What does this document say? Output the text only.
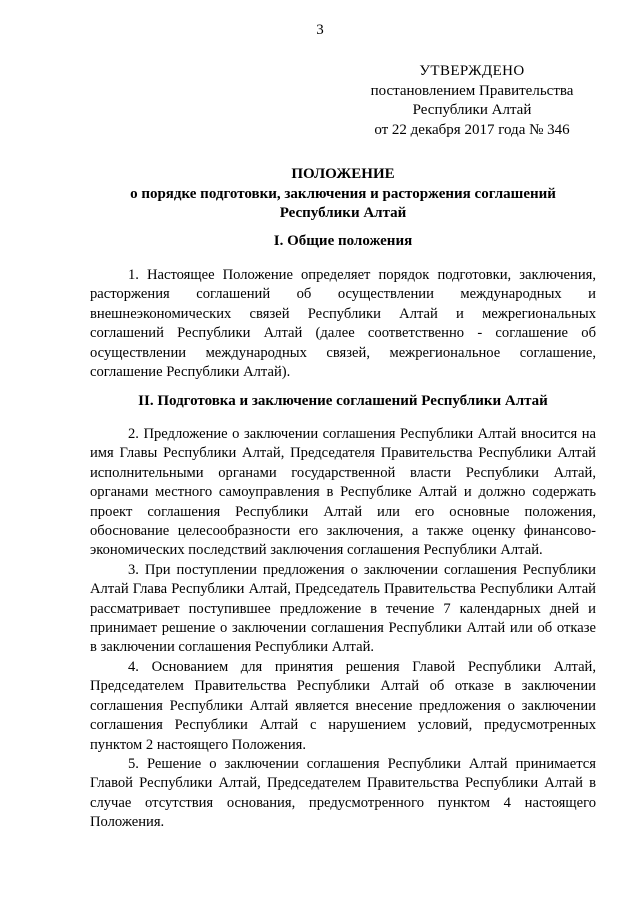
3
УТВЕРЖДЕНО
постановлением Правительства
Республики Алтай
от 22 декабря 2017 года № 346
ПОЛОЖЕНИЕ
о порядке подготовки, заключения и расторжения соглашений
Республики Алтай
I. Общие положения

1. Настоящее Положение определяет порядок подготовки, заключения, расторжения соглашений об осуществлении международных и внешнеэкономических связей Республики Алтай и межрегиональных соглашений Республики Алтай (далее соответственно - соглашение об осуществлении международных связей, межрегиональное соглашение, соглашение Республики Алтай).

II. Подготовка и заключение соглашений Республики Алтай

2. Предложение о заключении соглашения Республики Алтай вносится на имя Главы Республики Алтай, Председателя Правительства Республики Алтай исполнительными органами государственной власти Республики Алтай, органами местного самоуправления в Республике Алтай и должно содержать проект соглашения Республики Алтай или его основные положения, обоснование целесообразности его заключения, а также оценку финансово-экономических последствий заключения соглашения Республики Алтай.

3. При поступлении предложения о заключении соглашения Республики Алтай Глава Республики Алтай, Председатель Правительства Республики Алтай рассматривает поступившее предложение в течение 7 календарных дней и принимает решение о заключении соглашения Республики Алтай или об отказе в заключении соглашения Республики Алтай.

4. Основанием для принятия решения Главой Республики Алтай, Председателем Правительства Республики Алтай об отказе в заключении соглашения Республики Алтай является внесение предложения о заключении соглашения Республики Алтай с нарушением условий, предусмотренных пунктом 2 настоящего Положения.

5. Решение о заключении соглашения Республики Алтай принимается Главой Республики Алтай, Председателем Правительства Республики Алтай в случае отсутствия основания, предусмотренного пунктом 4 настоящего Положения.
